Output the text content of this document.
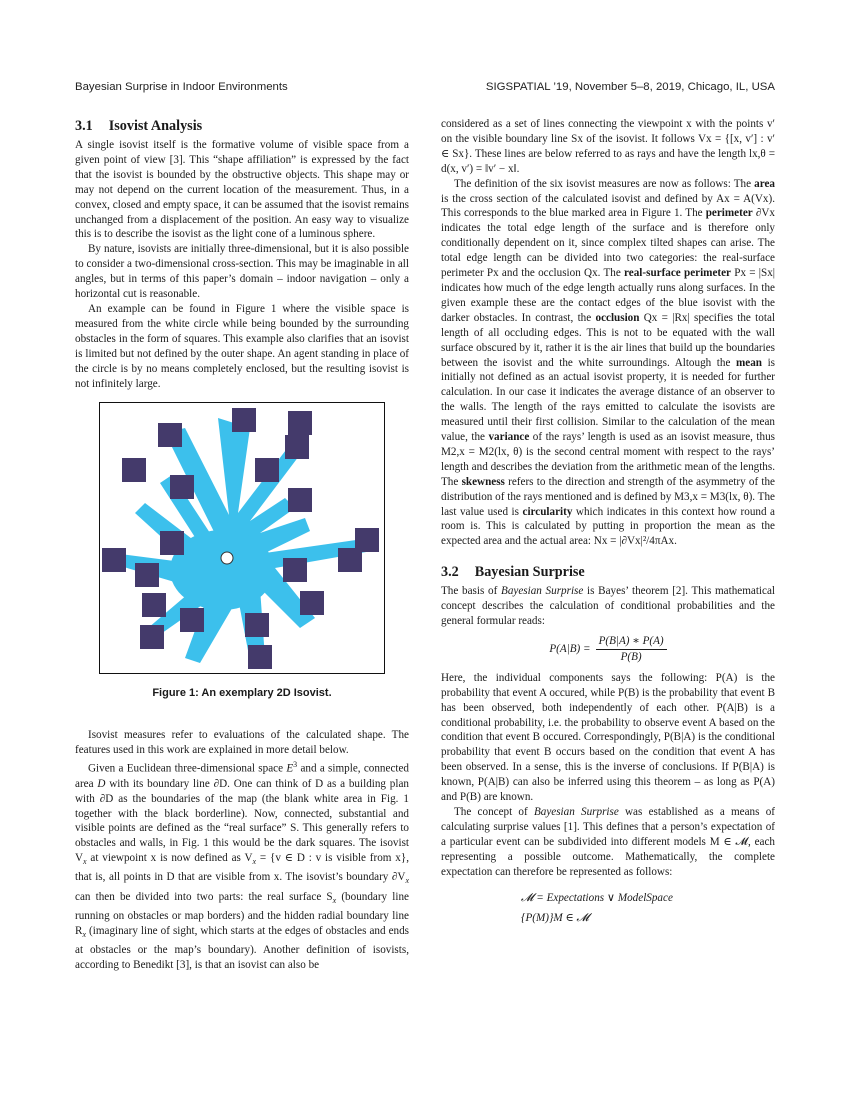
Bayesian Surprise in Indoor Environments	SIGSPATIAL ’19, November 5–8, 2019, Chicago, IL, USA
3.1 Isovist Analysis

A single isovist itself is the formative volume of visible space from a given point of view [3]. This “shape affiliation” is expressed by the fact that the isovist is bounded by the obstructive objects. This shape may or may not depend on the current location of the measurement. Thus, in a convex, closed and empty space, it can be assumed that the isovist remains unchanged from a displacement of the position. An easy way to visualize this is to describe the isovist as the light cone of a luminous sphere.

By nature, isovists are initially three-dimensional, but it is also possible to consider a two-dimensional cross-section. This may be imaginable in all angles, but in terms of this paper’s domain – indoor navigation – only a horizontal cut is reasonable.

An example can be found in Figure 1 where the visible space is measured from the white circle while being bounded by the surrounding obstacles in the form of squares. This example also clarifies that an isovist is limited but not defined by the outer shape. An agent standing in place of the circle is by no means completely enclosed, but the resulting isovist is not infinitely large.

Figure 1: An exemplary 2D Isovist.

Isovist measures refer to evaluations of the calculated shape. The features used in this work are explained in more detail below.

Given a Euclidean three-dimensional space $E^3$ and a simple, connected area D with its boundary line ∂D. One can think of D as a building plan with ∂D as the boundaries of the map (the blank white area in Fig. 1 together with the black borderline). Now, connected, substantial and visible points are defined as the “real surface” S. This generally refers to obstacles and walls, in Fig. 1 this would be the dark squares. The isovist $V_x$ at viewpoint x is now defined as $V_x = \{v$ ∈ D : v is visible from x}, that is, all points in D that are visible from x. The isovist’s boundary $\partial V_x$ can then be divided into two parts: the real surface $S_x$ (boundary line running on obstacles or map borders) and the hidden radial boundary line $R_x$ (imaginary line of sight, which starts at the edges of obstacles and ends at obstacles or the map’s boundary). Another definition of isovists, according to Benedikt [3], is that an isovist can also be

considered as a set of lines connecting the viewpoint x with the points v′ on the visible boundary line Sx of the isovist. It follows Vx = {[x, v′] : v′ ∈ Sx}. These lines are below referred to as rays and have the length lx,θ = d(x, v′) = ‖v′ − x‖.

The definition of the six isovist measures are now as follows: The area is the cross section of the calculated isovist and defined by Ax = A(Vx). This corresponds to the blue marked area in Figure 1. The perimeter ∂Vx indicates the total edge length of the surface and is therefore only conditionally dependent on it, since complex tilted shapes can arise. The total edge length can be divided into two categories: the real-surface perimeter Px and the occlusion Qx. The real-surface perimeter Px = |Sx| indicates how much of the edge length actually runs along surfaces. In the given example these are the contact edges of the blue isovist with the darker obstacles. In contrast, the occlusion Qx = |Rx| specifies the total length of all occluding edges. This is not to be equated with the wall surface obscured by it, rather it is the air lines that build up the boundaries between the isovist and the white surroundings. Altough the mean is initially not defined as an actual isovist property, it is needed for further calculation. In our case it indicates the average distance of an observer to the walls. The length of the rays emitted to calculate the isovists are measured until their first collision. Similar to the calculation of the mean value, the variance of the rays’ length is used as an isovist measure, thus M2,x = M2(lx, θ) is the second central moment with respect to the rays’ length and describes the deviation from the arithmetic mean of the lengths. The skewness refers to the direction and strength of the asymmetry of the distribution of the rays mentioned and is defined by M3,x = M3(lx, θ). The last value used is circularity which indicates in this context how round a room is. This is calculated by putting in proportion the mean as the expected area and the actual area: Nx = |∂Vx|²/4πAx.

3.2 Bayesian Surprise

The basis of Bayesian Surprise is Bayes’ theorem [2]. This mathematical concept describes the calculation of conditional probabilities and the general formular reads:

$P(A|B) = \frac{P(B|A) ∗ P(A)}{P(B)}$

Here, the individual components says the following: P(A) is the probability that event A occured, while P(B) is the probability that event B has been observed, both independently of each other. P(A|B) is a conditional probability, i.e. the probability to observe event A based on the condition that event B occured. Correspondingly, P(B|A) is the conditional probability that event B occurs based on the condition that event A has been observed. In a sense, this is the inverse of conclusions. If P(B|A) is known, P(A|B) can also be inferred using this theorem – as long as P(A) and P(B) are known.

The concept of Bayesian Surprise was established as a means of calculating surprise values [1]. This defines that a person’s expectation of a particular event can be subdivided into different models M ∈ 𝓜, each representing a possible outcome. Mathematically, the complete expectation can therefore be represented as follows:

𝓜 = Expectations ∨ ModelSpace
{P(M)}M ∈ 𝓜
